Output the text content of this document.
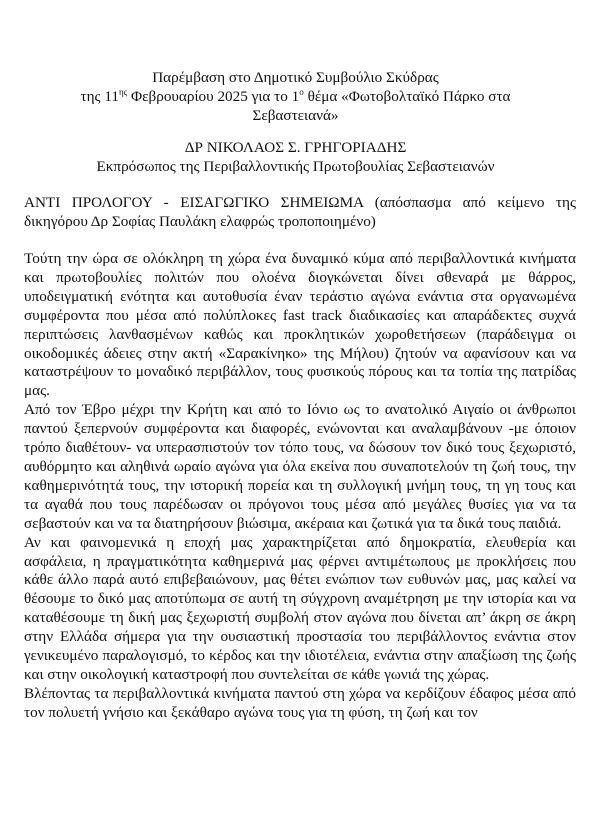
Παρέμβαση στο Δημοτικό Συμβούλιο Σκύδρας
της $11^{\eta\varsigma}$ Φεβρουαρίου 2025 για το $1^o$ θέμα «Φωτοβολταϊκό Πάρκο στα
Σεβαστειανά»
ΔΡ ΝΙΚΟΛΑΟΣ Σ. ΓΡΗΓΟΡΙΑΔΗΣ
Εκπρόσωπος της Περιβαλλοντικής Πρωτοβουλίας Σεβαστειανών
ΑΝΤΙ ΠΡΟΛΟΓΟΥ - ΕΙΣΑΓΩΓΙΚΟ ΣΗΜΕΙΩΜΑ (απόσπασμα από κείμενο της δικηγόρου Δρ Σοφίας Παυλάκη ελαφρώς τροποποιημένο)

Τούτη την ώρα σε ολόκληρη τη χώρα ένα δυναμικό κύμα από περιβαλλοντικά κινήματα και πρωτοβουλίες πολιτών που ολοένα διογκώνεται δίνει σθεναρά με θάρρος, υποδειγματική ενότητα και αυτοθυσία έναν τεράστιο αγώνα ενάντια στα οργανωμένα συμφέροντα που μέσα από πολύπλοκες fast track διαδικασίες και απαράδεκτες συχνά περιπτώσεις λανθασμένων καθώς και προκλητικών χωροθετήσεων (παράδειγμα οι οικοδομικές άδειες στην ακτή «Σαρακίνηκο» της Μήλου) ζητούν να αφανίσουν και να καταστρέψουν το μοναδικό περιβάλλον, τους φυσικούς πόρους και τα τοπία της πατρίδας μας.

Από τον Έβρο μέχρι την Κρήτη και από το Ιόνιο ως το ανατολικό Αιγαίο οι άνθρωποι παντού ξεπερνούν συμφέροντα και διαφορές, ενώνονται και αναλαμβάνουν -με όποιον τρόπο διαθέτουν- να υπερασπιστούν τον τόπο τους, να δώσουν τον δικό τους ξεχωριστό, αυθόρμητο και αληθινά ωραίο αγώνα για όλα εκείνα που συναποτελούν τη ζωή τους, την καθημερινότητά τους, την ιστορική πορεία και τη συλλογική μνήμη τους, τη γη τους και τα αγαθά που τους παρέδωσαν οι πρόγονοι τους μέσα από μεγάλες θυσίες για να τα σεβαστούν και να τα διατηρήσουν βιώσιμα, ακέραια και ζωτικά για τα δικά τους παιδιά.

Αν και φαινομενικά η εποχή μας χαρακτηρίζεται από δημοκρατία, ελευθερία και ασφάλεια, η πραγματικότητα καθημερινά μας φέρνει αντιμέτωπους με προκλήσεις που κάθε άλλο παρά αυτό επιβεβαιώνουν, μας θέτει ενώπιον των ευθυνών μας, μας καλεί να θέσουμε το δικό μας αποτύπωμα σε αυτή τη σύγχρονη αναμέτρηση με την ιστορία και να καταθέσουμε τη δική μας ξεχωριστή συμβολή στον αγώνα που δίνεται απ’ άκρη σε άκρη στην Ελλάδα σήμερα για την ουσιαστική προστασία του περιβάλλοντος ενάντια στον γενικευμένο παραλογισμό, το κέρδος και την ιδιοτέλεια, ενάντια στην απαξίωση της ζωής και στην οικολογική καταστροφή που συντελείται σε κάθε γωνιά της χώρας.

Βλέποντας τα περιβαλλοντικά κινήματα παντού στη χώρα να κερδίζουν έδαφος μέσα από τον πολυετή γνήσιο και ξεκάθαρο αγώνα τους για τη φύση, τη ζωή και τον
